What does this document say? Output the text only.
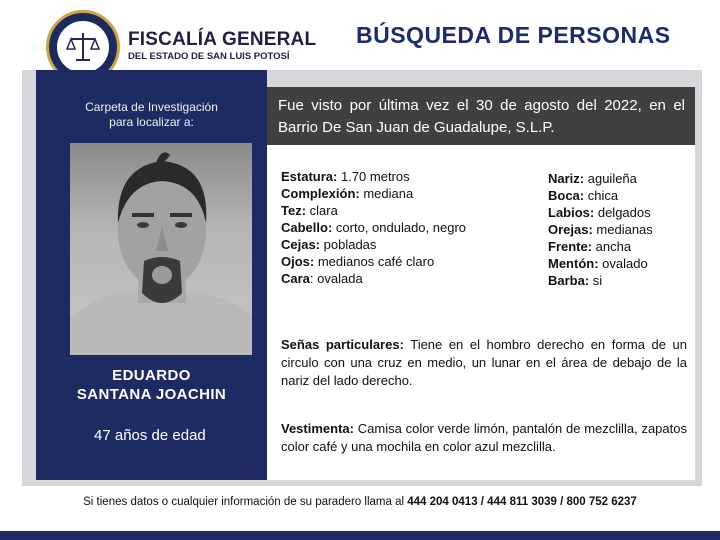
FISCALÍA GENERAL
DEL ESTADO DE SAN LUIS POTOSÍ
BÚSQUEDA DE PERSONAS
Carpeta de Investigación
para localizar a:
EDUARDO
SANTANA JOACHIN
47 años de edad
Fue visto por última vez el 30 de agosto del 2022, en el Barrio De San Juan de Guadalupe, S.L.P.
Estatura: 1.70 metros
Complexión: mediana
Tez: clara
Cabello: corto, ondulado, negro
Cejas: pobladas
Ojos: medianos café claro
Cara: ovalada
Nariz: aguileña
Boca: chica
Labios: delgados
Orejas: medianas
Frente: ancha
Mentón: ovalado
Barba: si
Señas particulares: Tiene en el hombro derecho en forma de un circulo con una cruz en medio, un lunar en el área de debajo de la nariz del lado derecho.
Vestimenta: Camisa color verde limón, pantalón de mezclilla, zapatos color café y una mochila en color azul mezclilla.
Si tienes datos o cualquier información de su paradero llama al 444 204 0413 / 444 811 3039 / 800 752 6237
